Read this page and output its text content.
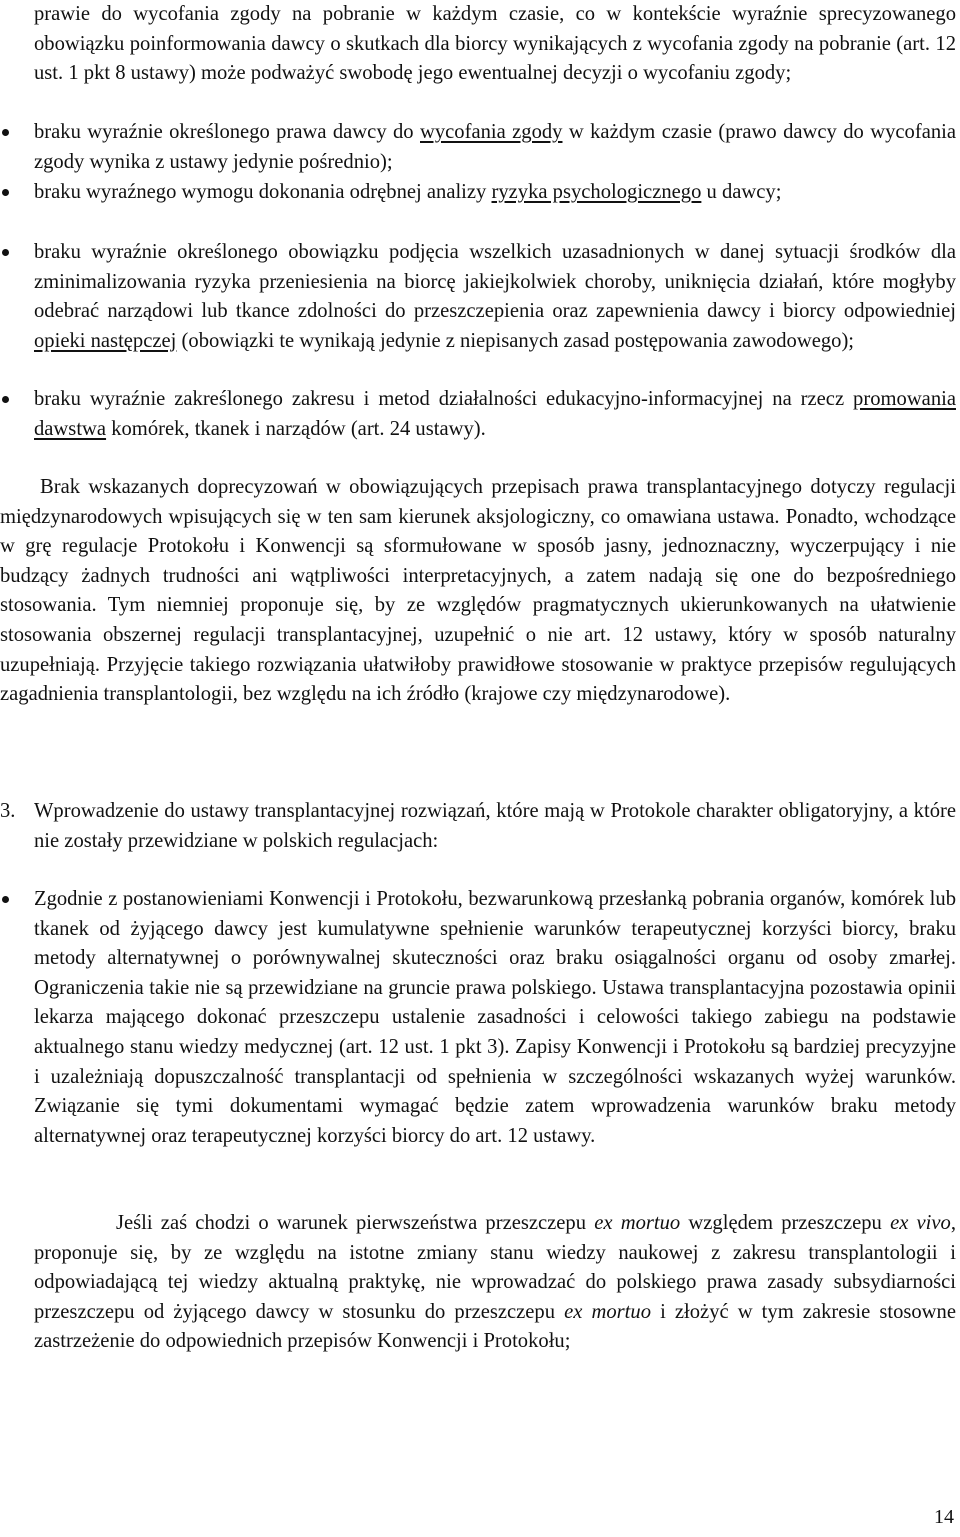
prawie do wycofania zgody na pobranie w każdym czasie, co w kontekście wyraźnie sprecyzowanego obowiązku poinformowania dawcy o skutkach dla biorcy wynikających z wycofania zgody na pobranie (art. 12 ust. 1 pkt 8 ustawy) może podważyć swobodę jego ewentualnej decyzji o wycofaniu zgody;

braku wyraźnie określonego prawa dawcy do wycofania zgody w każdym czasie (prawo dawcy do wycofania zgody wynika z ustawy jedynie pośrednio);

braku wyraźnego wymogu dokonania odrębnej analizy ryzyka psychologicznego u dawcy;

braku wyraźnie określonego obowiązku podjęcia wszelkich uzasadnionych w danej sytuacji środków dla zminimalizowania ryzyka przeniesienia na biorcę jakiejkolwiek choroby, uniknięcia działań, które mogłyby odebrać narządowi lub tkance zdolności do przeszczepienia oraz zapewnienia dawcy i biorcy odpowiedniej opieki następczej (obowiązki te wynikają jedynie z niepisanych zasad postępowania zawodowego);

braku wyraźnie zakreślonego zakresu i metod działalności edukacyjno-informacyjnej na rzecz promowania dawstwa komórek, tkanek i narządów (art. 24 ustawy).

Brak wskazanych doprecyzowań w obowiązujących przepisach prawa transplantacyjnego dotyczy regulacji międzynarodowych wpisujących się w ten sam kierunek aksjologiczny, co omawiana ustawa. Ponadto, wchodzące w grę regulacje Protokołu i Konwencji są sformułowane w sposób jasny, jednoznaczny, wyczerpujący i nie budzący żadnych trudności ani wątpliwości interpretacyjnych, a zatem nadają się one do bezpośredniego stosowania. Tym niemniej proponuje się, by ze względów pragmatycznych ukierunkowanych na ułatwienie stosowania obszernej regulacji transplantacyjnej, uzupełnić o nie art. 12 ustawy, który w sposób naturalny uzupełniają. Przyjęcie takiego rozwiązania ułatwiłoby prawidłowe stosowanie w praktyce przepisów regulujących zagadnienia transplantologii, bez względu na ich źródło (krajowe czy międzynarodowe).

3. Wprowadzenie do ustawy transplantacyjnej rozwiązań, które mają w Protokole charakter obligatoryjny, a które nie zostały przewidziane w polskich regulacjach:

Zgodnie z postanowieniami Konwencji i Protokołu, bezwarunkową przesłanką pobrania organów, komórek lub tkanek od żyjącego dawcy jest kumulatywne spełnienie warunków terapeutycznej korzyści biorcy, braku metody alternatywnej o porównywalnej skuteczności oraz braku osiągalności organu od osoby zmarłej. Ograniczenia takie nie są przewidziane na gruncie prawa polskiego. Ustawa transplantacyjna pozostawia opinii lekarza mającego dokonać przeszczepu ustalenie zasadności i celowości takiego zabiegu na podstawie aktualnego stanu wiedzy medycznej (art. 12 ust. 1 pkt 3). Zapisy Konwencji i Protokołu są bardziej precyzyjne i uzależniają dopuszczalność transplantacji od spełnienia w szczególności wskazanych wyżej warunków. Związanie się tymi dokumentami wymagać będzie zatem wprowadzenia warunków braku metody alternatywnej oraz terapeutycznej korzyści biorcy do art. 12 ustawy.

Jeśli zaś chodzi o warunek pierwszeństwa przeszczepu ex mortuo względem przeszczepu ex vivo, proponuje się, by ze względu na istotne zmiany stanu wiedzy naukowej z zakresu transplantologii i odpowiadającą tej wiedzy aktualną praktykę, nie wprowadzać do polskiego prawa zasady subsydiarności przeszczepu od żyjącego dawcy w stosunku do przeszczepu ex mortuo i złożyć w tym zakresie stosowne zastrzeżenie do odpowiednich przepisów Konwencji i Protokołu;

14
